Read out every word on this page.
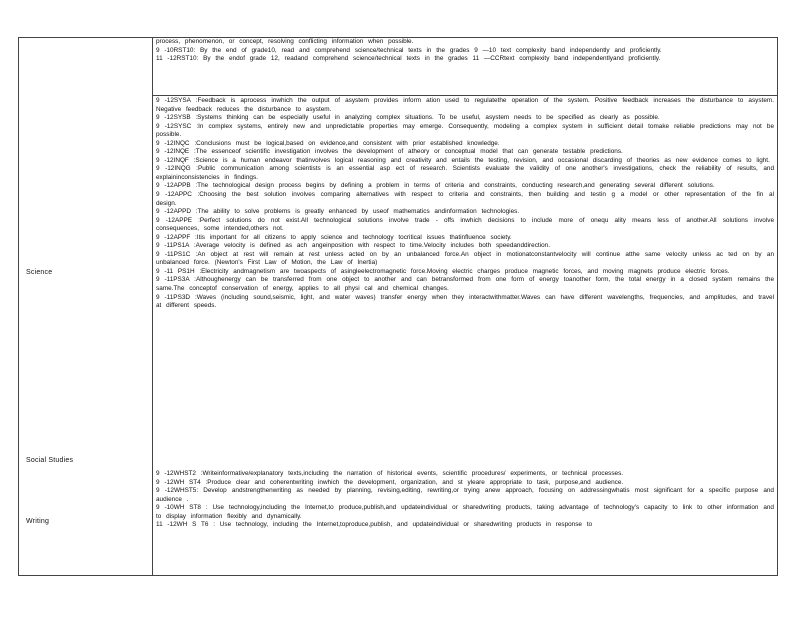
Science
Social Studies
Writing

process, phenomenon, or concept, resolving conflicting information when possible.

9 -10RST10: By the end of grade10, read and comprehend science/technical texts in the grades 9 —10 text complexity band independently and proficiently.

11 -12RST10: By the endof grade 12, readand comprehend science/technical texts in the grades 11 —CCRtext complexity band independentlyand proficiently.

9 -12SYSA :Feedback is aprocess inwhich the output of asystem provides inform ation used to regulatethe operation of the system. Positive feedback increases the disturbance to asystem. Negative feedback reduces the disturbance to asystem.

9 -12SYSB :Systems thinking can be especially useful in analyzing complex situations. To be useful, asystem needs to be specified as clearly as possible.

9 -12SYSC :In complex systems, entirely new and unpredictable properties may emerge. Consequently, modeling a complex system in sufficient detail tomake reliable predictions may not be possible.

9 -12INQC :Conclusions must be logical,based on evidence,and consistent with prior established knowledge.

9 -12INQE :The essenceof scientific investigation involves the development of atheory or conceptual model that can generate testable predictions.

9 -12INQF :Science is a human endeavor thatinvolves logical reasoning and creativity and entails the testing, revision, and occasional discarding of theories as new evidence comes to light.

9 -12INQG :Public communication among scientists is an essential asp ect of research. Scientists evaluate the validity of one another's investigations, check the reliability of results, and explaininconsistencies in findings.

9 -12APPB :The technological design process begins by defining a problem in terms of criteria and constraints, conducting research,and generating several different solutions.

9 -12APPC :Choosing the best solution involves comparing alternatives with respect to criteria and constraints, then building and testin g a model or other representation of the fin al design.

9 -12APPD :The ability to solve problems is greatly enhanced by useof mathematics andinformation technologies.

9 -12APPE :Perfect solutions do not exist.All technological solutions involve trade - offs inwhich decisions to include more of onequ ality means less of another.All solutions involve consequences, some intended,others not.

9 -12APPF :Itis important for all citizens to apply science and technology tocritical issues thatinfluence society.

9 -11PS1A :Average velocity is defined as ach angeinposition with respect to time.Velocity includes both speedanddirection.

9 -11PS1C :An object at rest will remain at rest unless acted on by an unbalanced force.An object in motionatconstantvelocity will continue atthe same velocity unless ac ted on by an unbalanced force. (Newton's First Law of Motion, the Law of Inertia)

9 -11 PS1H :Electricity andmagnetism are twoaspects of asingleelectromagnetic force.Moving electric charges produce magnetic forces, and moving magnets produce electric forces.

9 -11PS3A :Althoughenergy can be transferred from one object to another and can betransformed from one form of energy toanother form, the total energy in a closed system remains the same.The conceptof conservation of energy, applies to all physi cal and chemical changes.

9 -11PS3D :Waves (including sound,seismic, light, and water waves) transfer energy when they interactwithmatter.Waves can have different wavelengths, frequencies, and amplitudes, and travel at different speeds.

9 -12WHST2 :Writeinformative/explanatory texts,including the narration of historical events, scientific procedures/ experiments, or technical processes.

9 -12WH ST4 :Produce clear and coherentwriting inwhich the development, organization, and st yleare appropriate to task, purpose,and audience.

9 -12WHST5: Develop andstrengthenwriting as needed by planning, revising,editing, rewriting,or trying anew approach, focusing on addressingwhatis most significant for a specific purpose and audience .

9 -10WH ST8 : Use technology,including the Internet,to produce,publish,and updateindividual or sharedwriting products, taking advantage of technology's capacity to link to other information and to display information flexibly and dynamically.

11 -12WH S T6 : Use technology, including the Internet,toproduce,publish, and updateindividual or sharedwriting products in response to
